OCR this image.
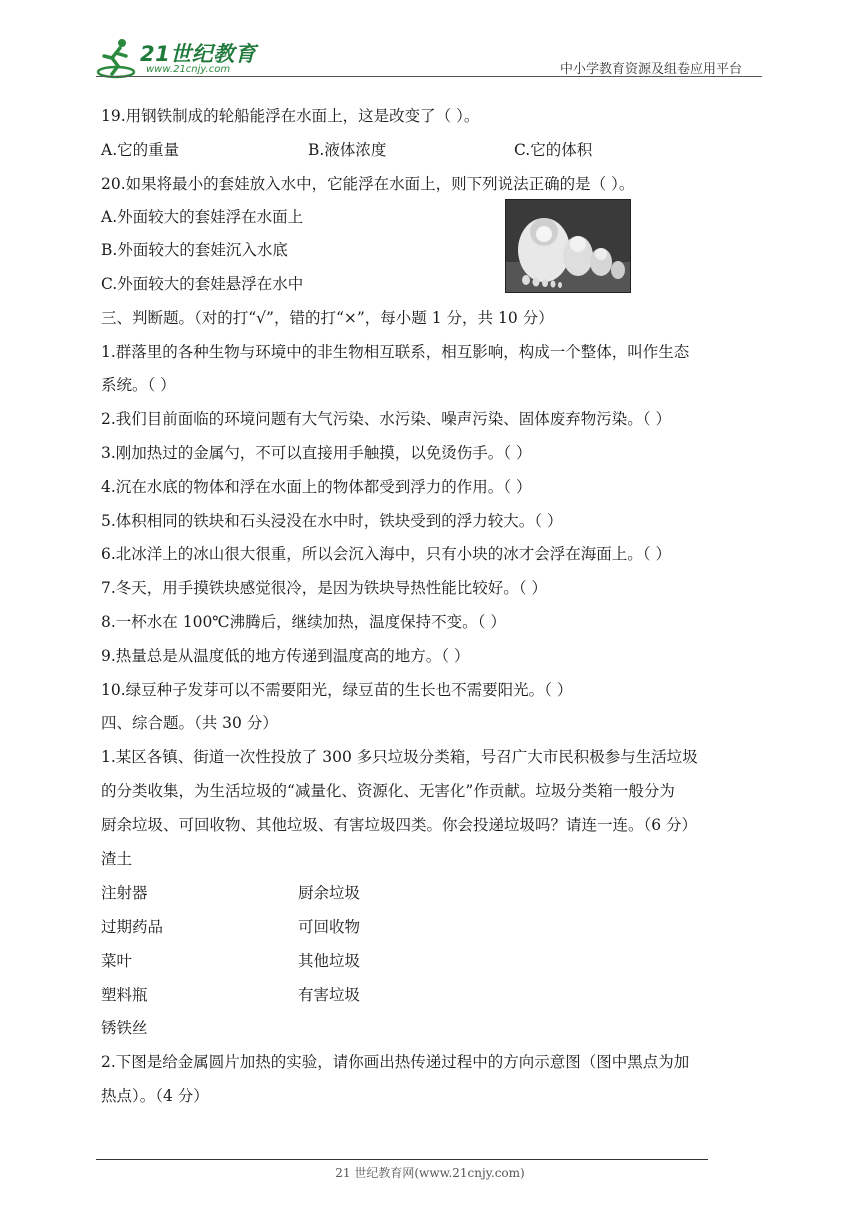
21世纪教育
www.21cnjy.com	中小学教育资源及组卷应用平台
19.用钢铁制成的轮船能浮在水面上，这是改变了（ ）。
A.它的重量	B.液体浓度	C.它的体积
20.如果将最小的套娃放入水中，它能浮在水面上，则下列说法正确的是（ ）。
A.外面较大的套娃浮在水面上
B.外面较大的套娃沉入水底
C.外面较大的套娃悬浮在水中
三、判断题。（对的打“√”，错的打“×”，每小题 1 分，共 10 分）
1.群落里的各种生物与环境中的非生物相互联系，相互影响，构成一个整体，叫作生态
系统。（ ）
2.我们目前面临的环境问题有大气污染、水污染、噪声污染、固体废弃物污染。（ ）
3.刚加热过的金属勺，不可以直接用手触摸，以免烫伤手。（ ）
4.沉在水底的物体和浮在水面上的物体都受到浮力的作用。（ ）
5.体积相同的铁块和石头浸没在水中时，铁块受到的浮力较大。（ ）
6.北冰洋上的冰山很大很重，所以会沉入海中，只有小块的冰才会浮在海面上。（ ）
7.冬天，用手摸铁块感觉很冷，是因为铁块导热性能比较好。（ ）
8.一杯水在 100℃沸腾后，继续加热，温度保持不变。（ ）
9.热量总是从温度低的地方传递到温度高的地方。（ ）
10.绿豆种子发芽可以不需要阳光，绿豆苗的生长也不需要阳光。（ ）
四、综合题。（共 30 分）
1.某区各镇、街道一次性投放了 300 多只垃圾分类箱，号召广大市民积极参与生活垃圾
的分类收集，为生活垃圾的“减量化、资源化、无害化”作贡献。垃圾分类箱一般分为
厨余垃圾、可回收物、其他垃圾、有害垃圾四类。你会投递垃圾吗？请连一连。（6 分）
渣土
注射器
过期药品
菜叶
塑料瓶
锈铁丝
厨余垃圾
可回收物
其他垃圾
有害垃圾
2.下图是给金属圆片加热的实验，请你画出热传递过程中的方向示意图（图中黑点为加
热点）。（4 分）
21 世纪教育网(www.21cnjy.com)
